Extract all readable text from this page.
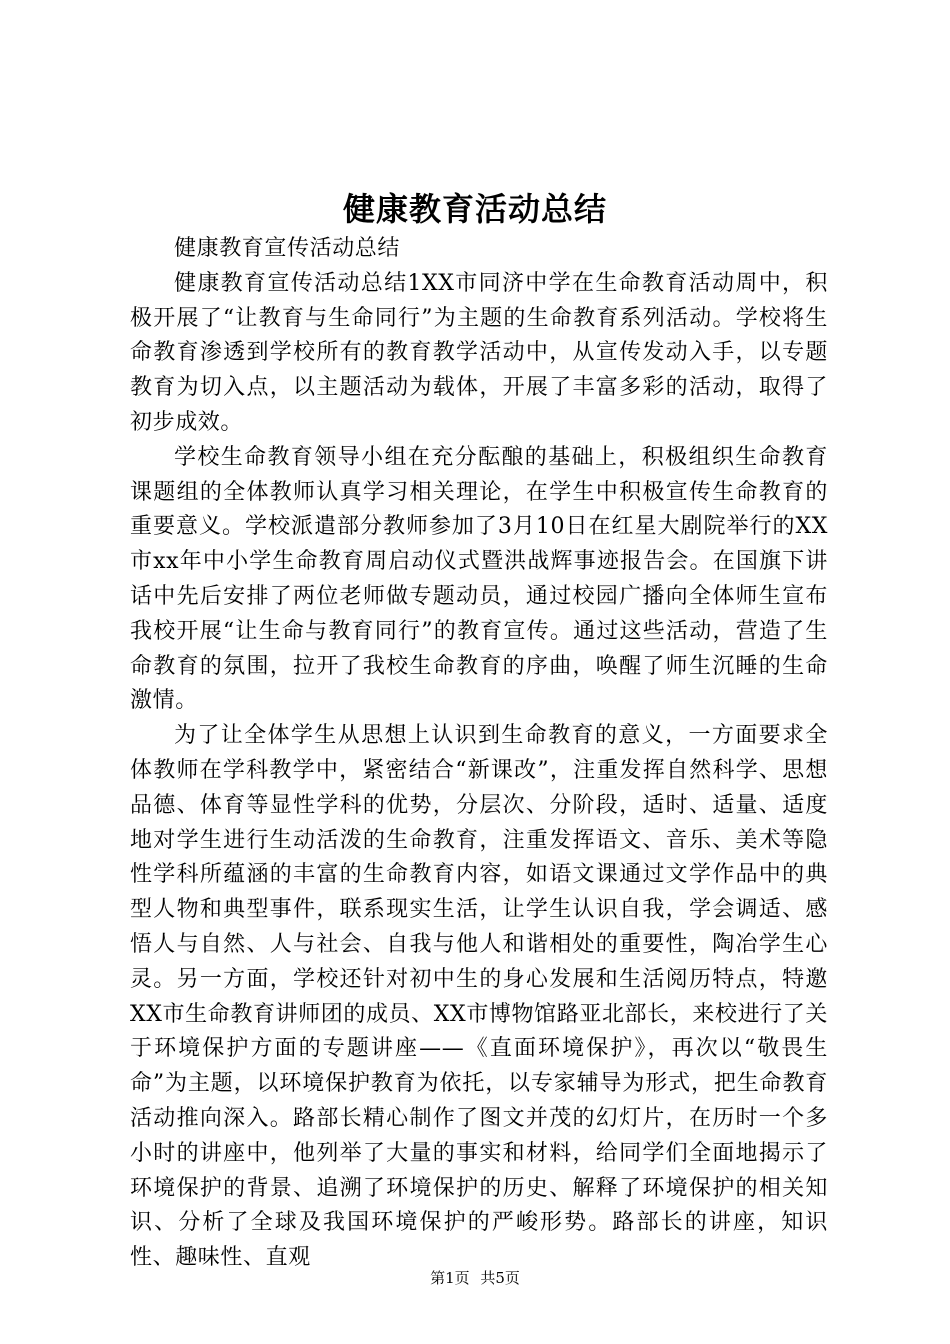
健康教育活动总结

健康教育宣传活动总结

健康教育宣传活动总结1XX市同济中学在生命教育活动周中，积极开展了“让教育与生命同行”为主题的生命教育系列活动。学校将生命教育渗透到学校所有的教育教学活动中，从宣传发动入手，以专题教育为切入点，以主题活动为载体，开展了丰富多彩的活动，取得了初步成效。

学校生命教育领导小组在充分酝酿的基础上，积极组织生命教育课题组的全体教师认真学习相关理论，在学生中积极宣传生命教育的重要意义。学校派遣部分教师参加了3月10日在红星大剧院举行的XX市xx年中小学生命教育周启动仪式暨洪战辉事迹报告会。在国旗下讲话中先后安排了两位老师做专题动员，通过校园广播向全体师生宣布我校开展“让生命与教育同行”的教育宣传。通过这些活动，营造了生命教育的氛围，拉开了我校生命教育的序曲，唤醒了师生沉睡的生命激情。

为了让全体学生从思想上认识到生命教育的意义，一方面要求全体教师在学科教学中，紧密结合“新课改”，注重发挥自然科学、思想品德、体育等显性学科的优势，分层次、分阶段，适时、适量、适度地对学生进行生动活泼的生命教育，注重发挥语文、音乐、美术等隐性学科所蕴涵的丰富的生命教育内容，如语文课通过文学作品中的典型人物和典型事件，联系现实生活，让学生认识自我，学会调适、感悟人与自然、人与社会、自我与他人和谐相处的重要性，陶冶学生心灵。另一方面，学校还针对初中生的身心发展和生活阅历特点，特邀XX市生命教育讲师团的成员、XX市博物馆路亚北部长，来校进行了关于环境保护方面的专题讲座——《直面环境保护》，再次以“敬畏生命”为主题，以环境保护教育为依托，以专家辅导为形式，把生命教育活动推向深入。路部长精心制作了图文并茂的幻灯片，在历时一个多小时的讲座中，他列举了大量的事实和材料，给同学们全面地揭示了环境保护的背景、追溯了环境保护的历史、解释了环境保护的相关知识、分析了全球及我国环境保护的严峻形势。路部长的讲座，知识性、趣味性、直观

第1页 共5页
